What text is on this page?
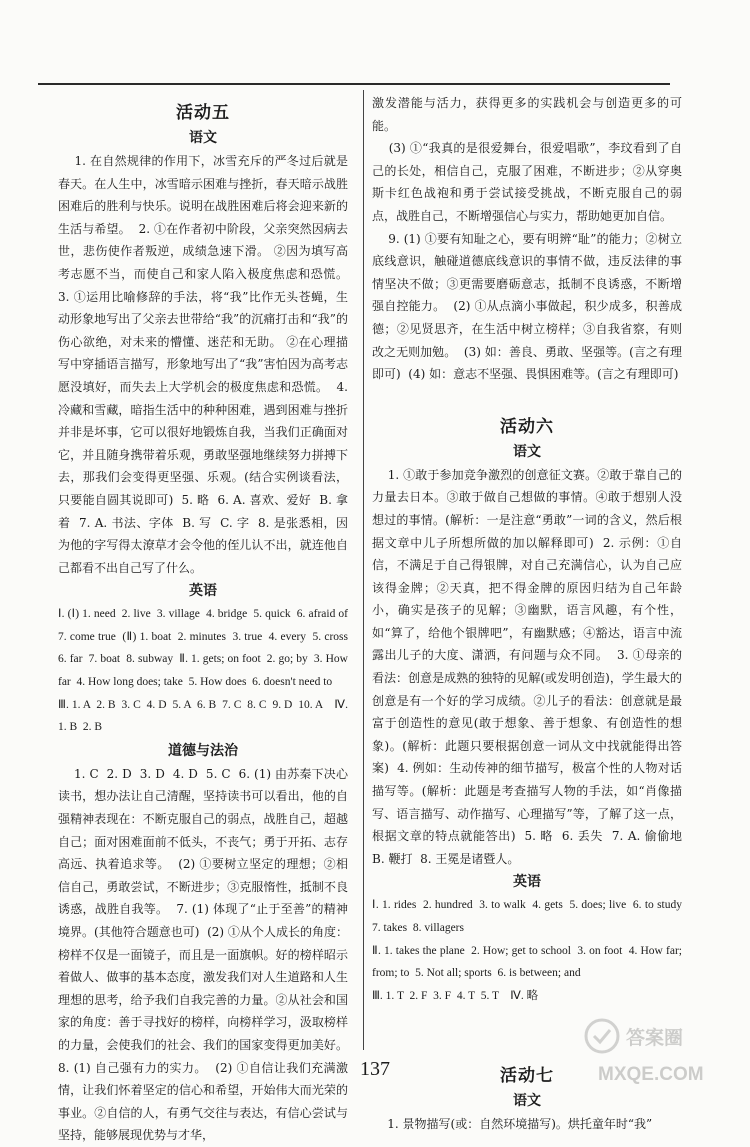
活动五
语文

1. 在自然规律的作用下，冰雪充斥的严冬过后就是春天。在人生中，冰雪暗示困难与挫折，春天暗示战胜困难后的胜利与快乐。说明在战胜困难后将会迎来新的生活与希望。  2. ①在作者初中阶段，父亲突然因病去世，悲伤使作者叛逆，成绩急速下滑。 ②因为填写高考志愿不当，而使自己和家人陷入极度焦虑和恐慌。  3. ①运用比喻修辞的手法，将“我”比作无头苍蝇，生动形象地写出了父亲去世带给“我”的沉痛打击和“我”的伤心欲绝，对未来的懵懂、迷茫和无助。 ②在心理描写中穿插语言描写，形象地写出了“我”害怕因为高考志愿没填好，而失去上大学机会的极度焦虑和恐慌。  4. 冷藏和雪藏，暗指生活中的种种困难，遇到困难与挫折并非是坏事，它可以很好地锻炼自我，当我们正确面对它，并且随身携带着乐观，勇敢坚强地继续努力拼搏下去，那我们会变得更坚强、乐观。(结合实例谈看法，只要能自圆其说即可)  5. 略  6. A. 喜欢、爱好  B. 拿着  7. A. 书法、字体  B. 写  C. 字  8. 是张悉相，因为他的字写得太潦草才会令他的侄儿认不出，就连他自己都看不出自己写了什么。

英语

Ⅰ. (Ⅰ) 1. need  2. live  3. village  4. bridge  5. quick  6. afraid of  7. come true  (Ⅱ) 1. boat  2. minutes  3. true  4. every  5. cross  6. far  7. boat  8. subway  Ⅱ. 1. gets; on foot  2. go; by  3. How far  4. How long does; take  5. How does  6. doesn't need to

Ⅲ. 1. A  2. B  3. C  4. D  5. A  6. B  7. C  8. C  9. D  10. A    Ⅳ. 1. B  2. B

道德与法治

1. C  2. D  3. D  4. D  5. C  6. (1) 由苏秦下决心读书，想办法让自己清醒，坚持读书可以看出，他的自强精神表现在：不断克服自己的弱点，战胜自己，超越自己；面对困难面前不低头，不丧气；勇于开拓、志存高远、执着追求等。  (2) ①要树立坚定的理想；②相信自己，勇敢尝试，不断进步；③克服惰性，抵制不良诱惑，战胜自我等。  7. (1) 体现了“止于至善”的精神境界。(其他符合题意也可)  (2) ①从个人成长的角度：榜样不仅是一面镜子，而且是一面旗帜。好的榜样昭示着做人、做事的基本态度，激发我们对人生道路和人生理想的思考，给予我们自我完善的力量。②从社会和国家的角度：善于寻找好的榜样，向榜样学习，汲取榜样的力量，会使我们的社会、我们的国家变得更加美好。  8. (1) 自己强有力的实力。  (2) ①自信让我们充满激情，让我们怀着坚定的信心和希望，开始伟大而光荣的事业。②自信的人，有勇气交往与表达，有信心尝试与坚持，能够展现优势与才华，

激发潜能与活力，获得更多的实践机会与创造更多的可能。

(3) ①“我真的是很爱舞台，很爱唱歌”，李玟看到了自己的长处，相信自己，克服了困难，不断进步；②从穿奥斯卡红色战袍和勇于尝试接受挑战，不断克服自己的弱点，战胜自己，不断增强信心与实力，帮助她更加自信。

9. (1) ①要有知耻之心，要有明辨“耻”的能力；②树立底线意识，触碰道德底线意识的事情不做，违反法律的事情坚决不做；③更需要磨砺意志，抵制不良诱惑，不断增强自控能力。  (2) ①从点滴小事做起，积少成多，积善成德；②见贤思齐，在生活中树立榜样；③自我省察，有则改之无则加勉。  (3) 如：善良、勇敢、坚强等。(言之有理即可)  (4) 如：意志不坚强、畏惧困难等。(言之有理即可)

活动六
语文

1. ①敢于参加竞争激烈的创意征文赛。②敢于靠自己的力量去日本。③敢于做自己想做的事情。④敢于想别人没想过的事情。(解析：一是注意“勇敢”一词的含义，然后根据文章中儿子所想所做的加以解释即可)  2. 示例：①自信，不满足于自己得银牌，对自己充满信心，认为自己应该得金牌；②天真，把不得金牌的原因归结为自己年龄小，确实是孩子的见解；③幽默，语言风趣，有个性，如“算了，给他个银牌吧”，有幽默感；④豁达，语言中流露出儿子的大度、潇洒，有问题与众不同。  3. ①母亲的看法：创意是成熟的独特的见解(或发明创造)，学生最大的创意是有一个好的学习成绩。②儿子的看法：创意就是最富于创造性的意见(敢于想象、善于想象、有创造性的想象)。(解析：此题只要根据创意一词从文中找就能得出答案)  4. 例如：生动传神的细节描写，极富个性的人物对话描写等。(解析：此题是考查描写人物的手法，如“肖像描写、语言描写、动作描写、心理描写”等，了解了这一点，根据文章的特点就能答出)  5. 略  6. 丢失  7. A. 偷偷地  B. 鞭打  8. 王冕是诸暨人。

英语

Ⅰ. 1. rides  2. hundred  3. to walk  4. gets  5. does; live  6. to study  7. takes  8. villagers

Ⅱ. 1. takes the plane  2. How; get to school  3. on foot  4. How far; from; to  5. Not all; sports  6. is between; and

Ⅲ. 1. T  2. F  3. F  4. T  5. T    Ⅳ. 略

活动七
语文

1. 景物描写(或：自然环境描写)。烘托童年时“我”

137
答案圈
MXQE.COM
